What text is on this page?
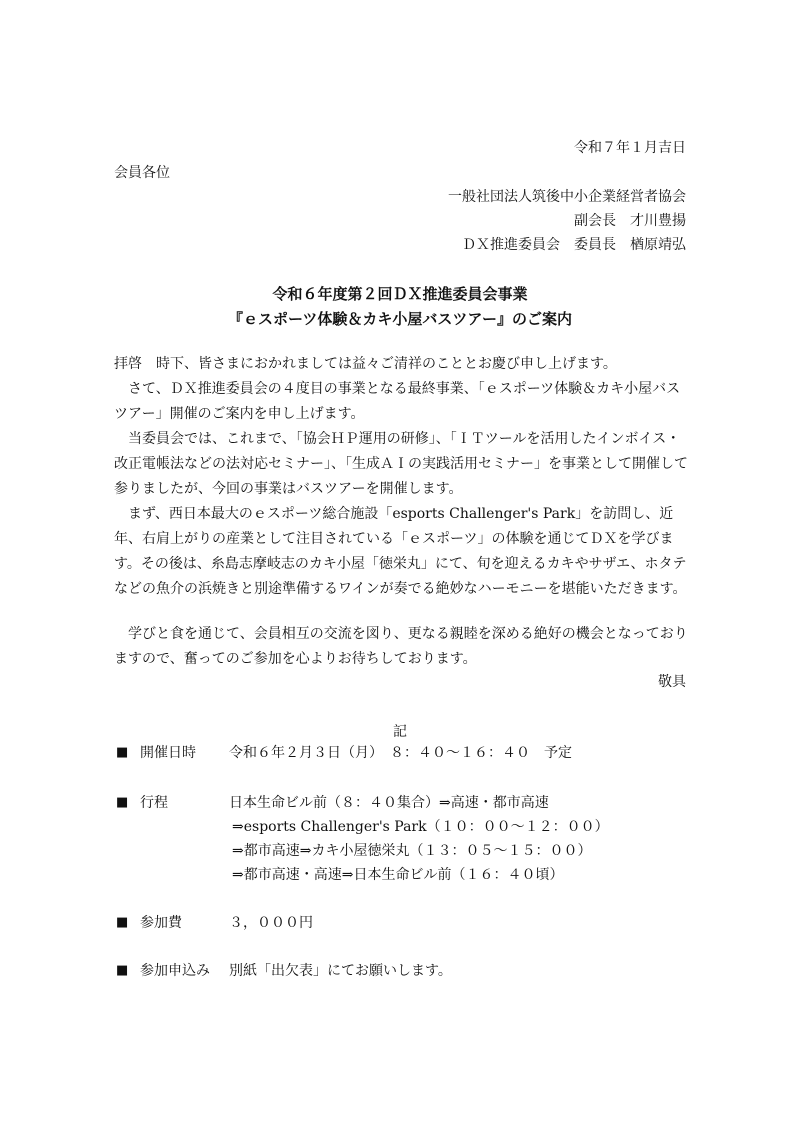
令和７年１月吉日
会員各位
一般社団法人筑後中小企業経営者協会
副会長　才川豊揚
ＤＸ推進委員会　委員長　楢原靖弘
令和６年度第２回ＤＸ推進委員会事業
『ｅスポーツ体験＆カキ小屋バスツアー』のご案内
拝啓　時下、皆さまにおかれましては益々ご清祥のこととお慶び申し上げます。
さて、ＤＸ推進委員会の４度目の事業となる最終事業、「ｅスポーツ体験＆カキ小屋バスツアー」開催のご案内を申し上げます。
当委員会では、これまで、「協会ＨＰ運用の研修」、「ＩＴツールを活用したインボイス・改正電帳法などの法対応セミナー」、「生成ＡＩの実践活用セミナー」を事業として開催して参りましたが、今回の事業はバスツアーを開催します。
まず、西日本最大のｅスポーツ総合施設「esports Challenger's Park」を訪問し、近年、右肩上がりの産業として注目されている「ｅスポーツ」の体験を通じてＤＸを学びます。その後は、糸島志摩岐志のカキ小屋「徳栄丸」にて、旬を迎えるカキやサザエ、ホタテなどの魚介の浜焼きと別途準備するワインが奏でる絶妙なハーモニーを堪能いただきます。
学びと食を通じて、会員相互の交流を図り、更なる親睦を深める絶好の機会となっておりますので、奮ってのご参加を心よりお待ちしております。
敬具
記
■ 開催日時 令和６年２月３日（月）　８：４０～１６：４０　予定
■ 行程	日本生命ビル前（８：４０集合）⇒高速・都市高速
⇒esports Challenger's Park（１０：００～１２：００）
⇒都市高速⇒カキ小屋徳栄丸（１３：０５～１５：００）
⇒都市高速・高速⇒日本生命ビル前（１６：４０頃）
■ 参加費	３，０００円
■ 参加申込み 別紙「出欠表」にてお願いします。
